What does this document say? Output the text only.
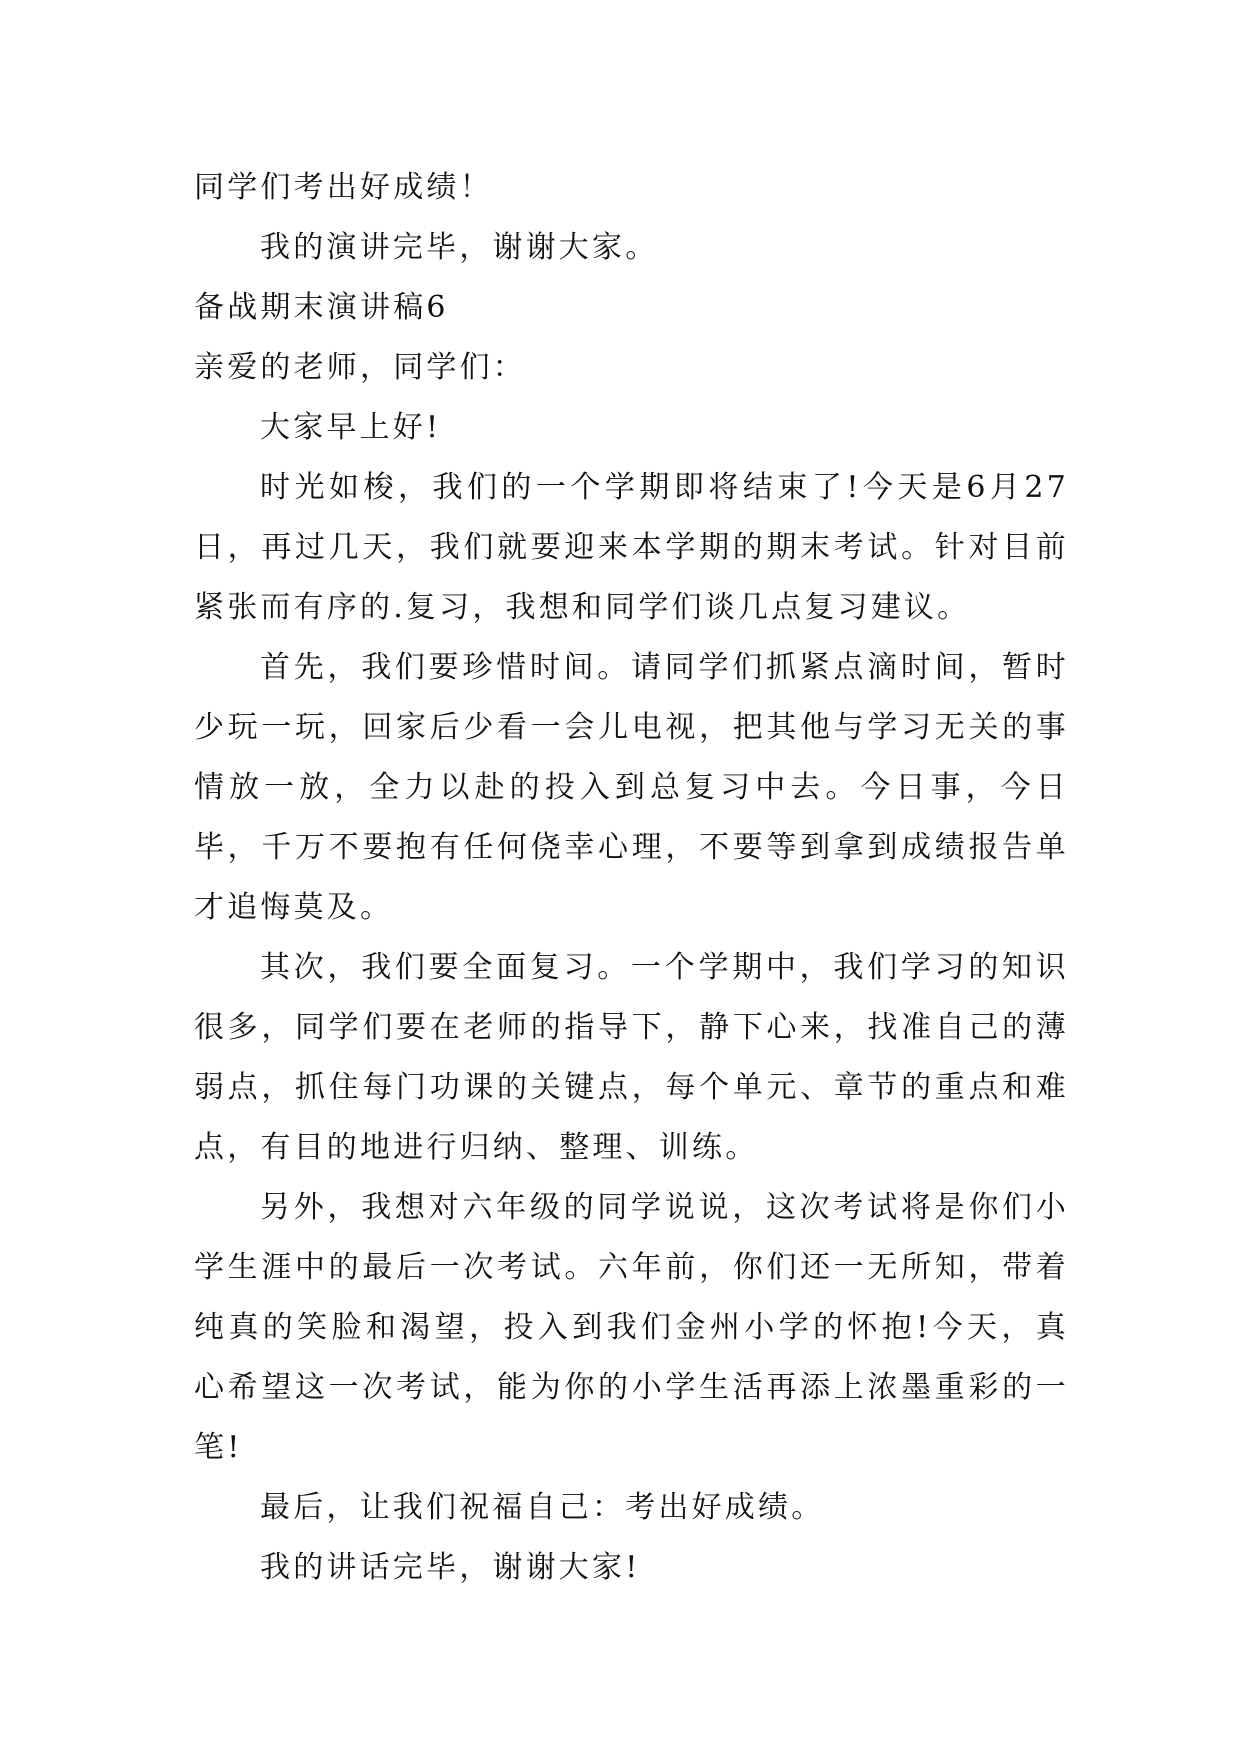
同学们考出好成绩！

我的演讲完毕，谢谢大家。

备战期末演讲稿6

亲爱的老师，同学们：

大家早上好!

时光如梭，我们的一个学期即将结束了!今天是6月27日，再过几天，我们就要迎来本学期的期末考试。针对目前紧张而有序的.复习，我想和同学们谈几点复习建议。

首先，我们要珍惜时间。请同学们抓紧点滴时间，暂时少玩一玩，回家后少看一会儿电视，把其他与学习无关的事情放一放，全力以赴的投入到总复习中去。今日事，今日毕，千万不要抱有任何侥幸心理，不要等到拿到成绩报告单才追悔莫及。

其次，我们要全面复习。一个学期中，我们学习的知识很多，同学们要在老师的指导下，静下心来，找准自己的薄弱点，抓住每门功课的关键点，每个单元、章节的重点和难点，有目的地进行归纳、整理、训练。

另外，我想对六年级的同学说说，这次考试将是你们小学生涯中的最后一次考试。六年前，你们还一无所知，带着纯真的笑脸和渴望，投入到我们金州小学的怀抱!今天，真心希望这一次考试，能为你的小学生活再添上浓墨重彩的一笔!

最后，让我们祝福自己：考出好成绩。

我的讲话完毕，谢谢大家!
